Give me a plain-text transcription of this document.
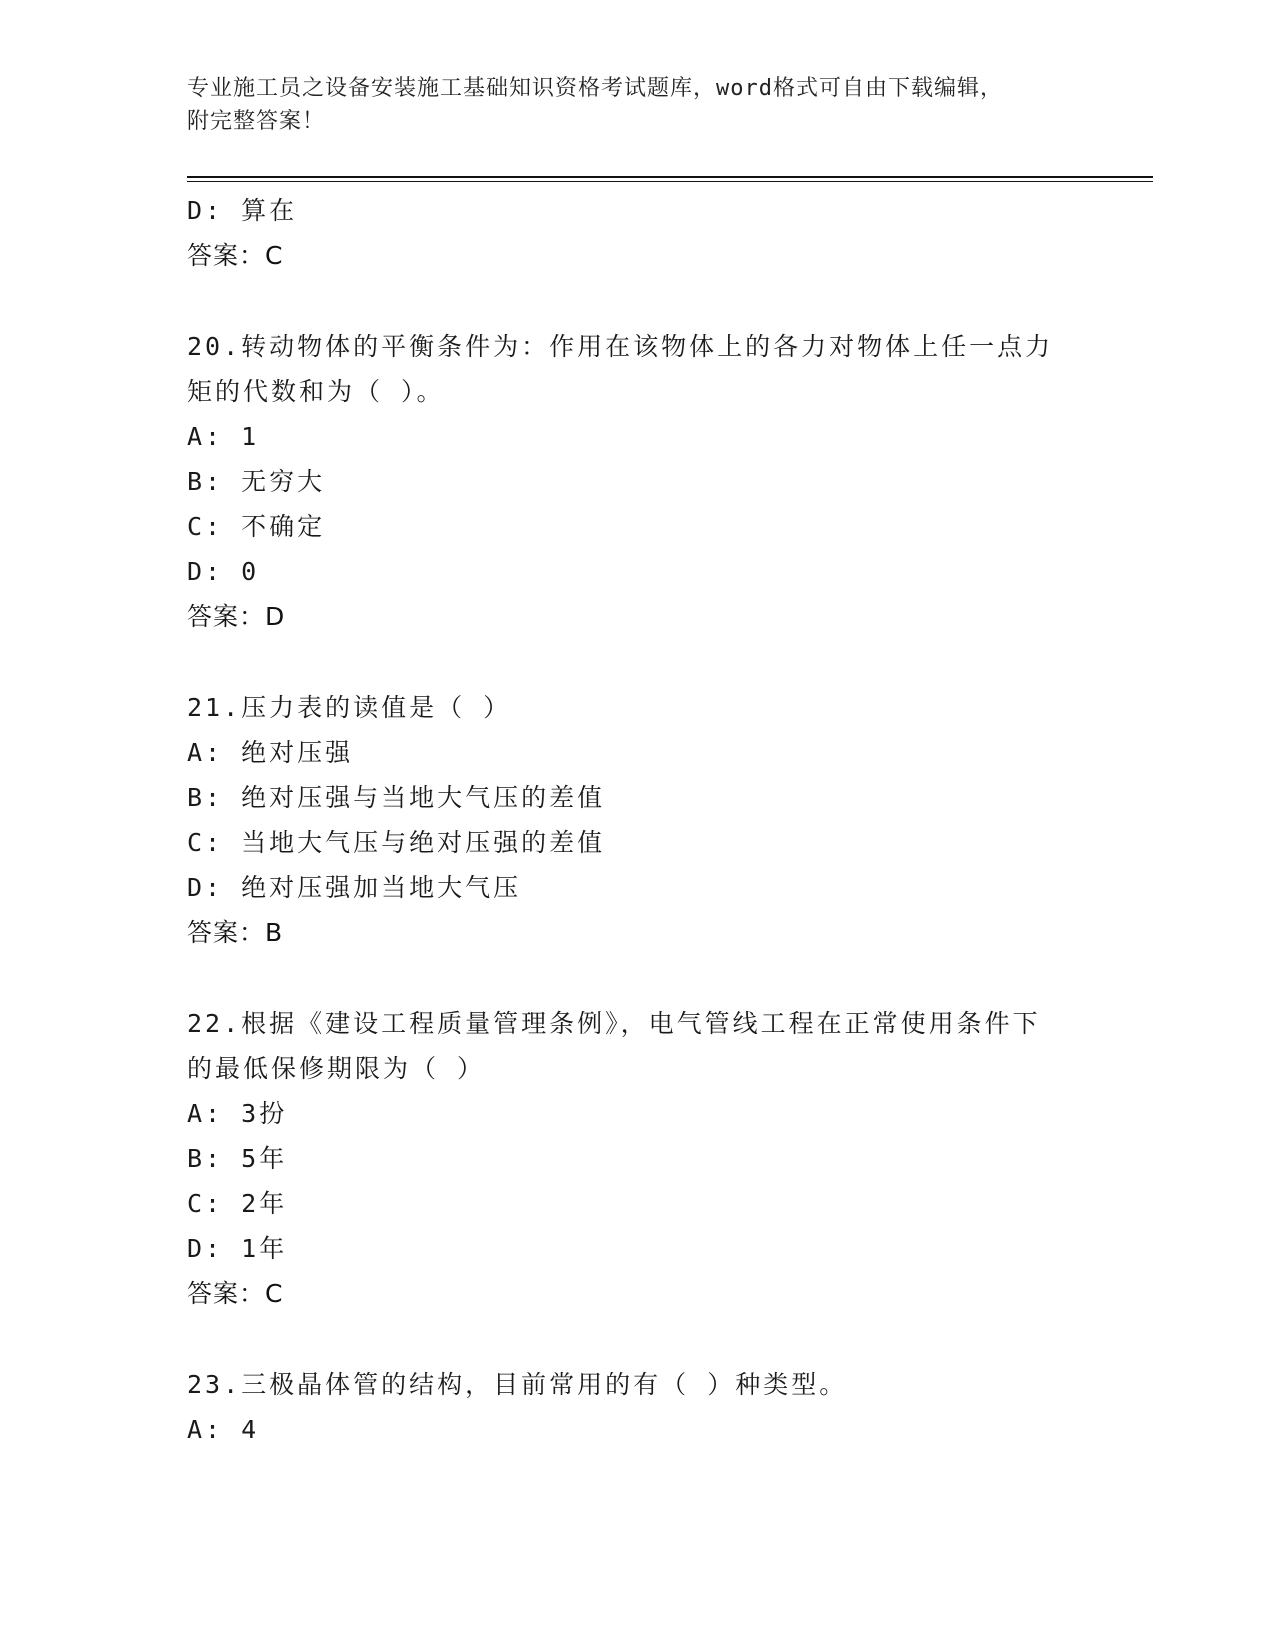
专业施工员之设备安装施工基础知识资格考试题库，word格式可自由下载编辑，
附完整答案！
D: 算在
答案：C
20.转动物体的平衡条件为：作用在该物体上的各力对物体上任一点力
矩的代数和为（ ）。
A: 1
B: 无穷大
C: 不确定
D: 0
答案：D
21.压力表的读值是（ ）
A: 绝对压强
B: 绝对压强与当地大气压的差值
C: 当地大气压与绝对压强的差值
D: 绝对压强加当地大气压
答案：B
22.根据《建设工程质量管理条例》，电气管线工程在正常使用条件下
的最低保修期限为（ ）
A: 3扮
B: 5年
C: 2年
D: 1年
答案：C
23.三极晶体管的结构，目前常用的有（ ）种类型。
A: 4
